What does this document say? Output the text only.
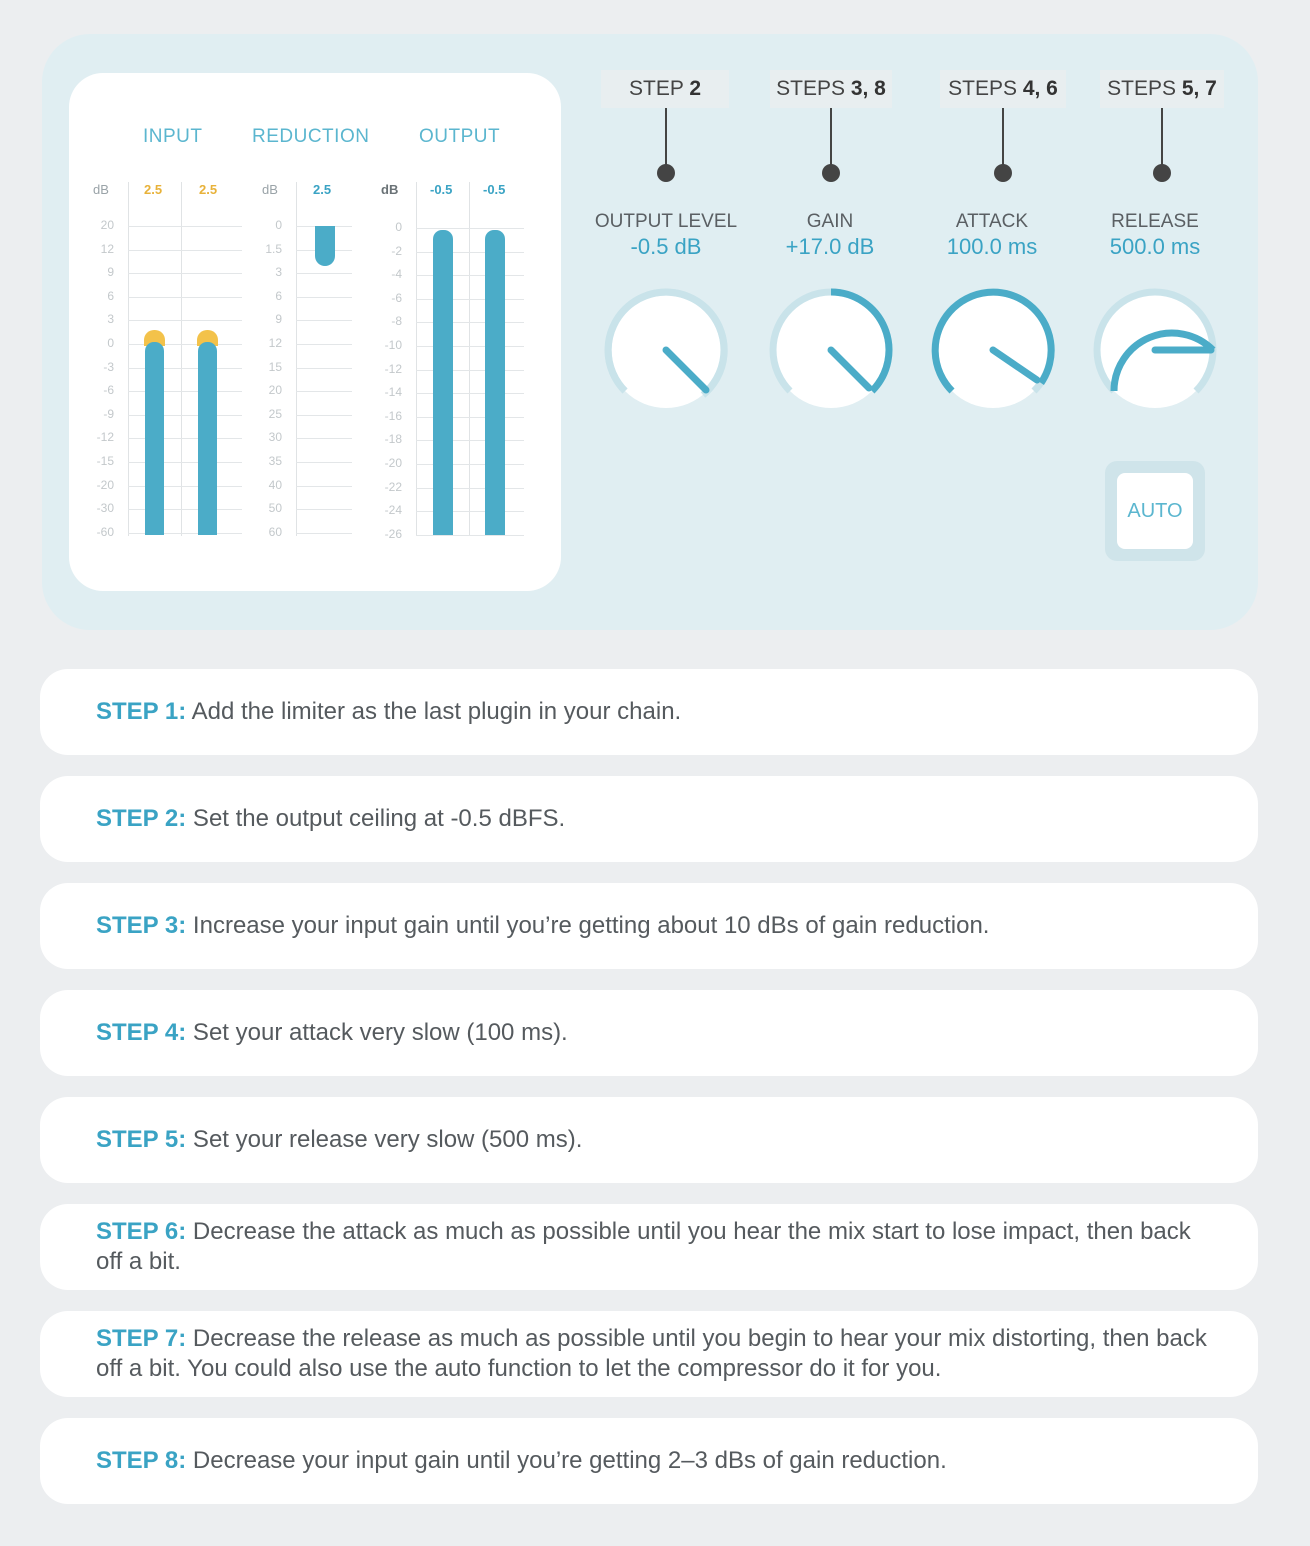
INPUT	REDUCTION	OUTPUT
dB	2.5	2.5	dB	2.5	dB -0.5 -0.5
20
12
9
6
3
0
-3
-6
-9
-12
-15
-20
-30
-60
0
1.5
3
6
9
12
15
20
25
30
35
40
50
60
0
-2
-4
-6
-8
-10
-12
-14
-16
-18
-20
-22
-24
-26
STEP 2
OUTPUT LEVEL
-0.5 dB
STEPS 3, 8
GAIN
+17.0 dB
STEPS 4, 6
ATTACK
100.0 ms
STEPS 5, 7
RELEASE
500.0 ms
AUTO
STEP 1: Add the limiter as the last plugin in your chain.
STEP 2: Set the output ceiling at -0.5 dBFS.
STEP 3: Increase your input gain until you’re getting about 10 dBs of gain reduction.
STEP 4: Set your attack very slow (100 ms).
STEP 5: Set your release very slow (500 ms).
STEP 6: Decrease the attack as much as possible until you hear the mix start to lose impact, then back off a bit.
STEP 7: Decrease the release as much as possible until you begin to hear your mix distorting, then back off a bit. You could also use the auto function to let the compressor do it for you.
STEP 8: Decrease your input gain until you’re getting 2–3 dBs of gain reduction.
